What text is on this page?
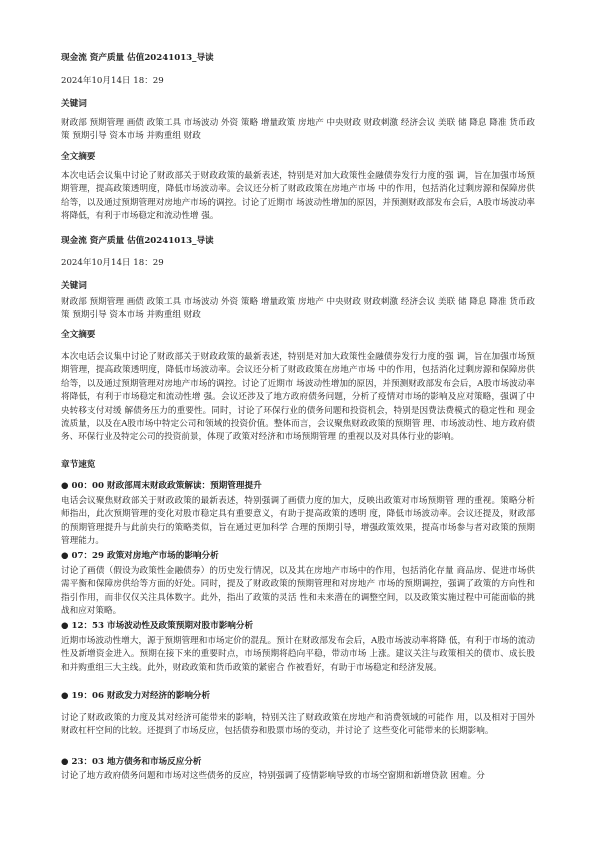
现金流 资产质量 估值20241013_导读
2024年10月14日 18：29
关键词
财政部 预期管理 画债 政策工具 市场波动 外资 策略 增量政策 房地产 中央财政 财政刺激 经济会议 美联 储 降息 降准 货币政策 预期引导 资本市场 并购重组 财政
全文摘要
本次电话会议集中讨论了财政部关于财政政策的最新表述，特别是对加大政策性金融债券发行力度的强 调，旨在加强市场预期管理，提高政策透明度，降低市场波动率。会议还分析了财政政策在房地产市场 中的作用，包括消化过剩房源和保障房供给等，以及通过预期管理对房地产市场的调控。讨论了近期市 场波动性增加的原因，并预测财政部发布会后，A股市场波动率将降低，有利于市场稳定和流动性增 强。
现金流 资产质量 估值20241013_导读
2024年10月14日 18：29
关键词
财政部 预期管理 画债 政策工具 市场波动 外资 策略 增量政策 房地产 中央财政 财政刺激 经济会议 美联 储 降息 降准 货币政策 预期引导 资本市场 并购重组 财政
全文摘要
本次电话会议集中讨论了财政部关于财政政策的最新表述，特别是对加大政策性金融债券发行力度的强 调，旨在加强市场预期管理，提高政策透明度，降低市场波动率。会议还分析了财政政策在房地产市场 中的作用，包括消化过剩房源和保障房供给等，以及通过预期管理对房地产市场的调控。讨论了近期市 场波动性增加的原因，并预测财政部发布会后，A股市场波动率将降低，有利于市场稳定和流动性增 强。会议还涉及了地方政府债务问题，分析了疫情对市场的影响及应对策略，强调了中央转移支付对缓 解债务压力的重要性。同时，讨论了环保行业的债务问题和投资机会，特别是因费法费模式的稳定性和 现金流质量，以及在A股市场中特定公司和领域的投资价值。整体而言，会议聚焦财政政策的预期管 理、市场波动性、地方政府债务、环保行业及特定公司的投资前景，体现了政策对经济和市场预期管理 的重视以及对具体行业的影响。
章节速览
● 00：00 财政部周末财政政策解读：预期管理提升
电话会议聚焦财政部关于财政政策的最新表述，特别强调了画债力度的加大，反映出政策对市场预期管 理的重视。策略分析师指出，此次预期管理的变化对股市稳定具有重要意义，有助于提高政策的透明 度，降低市场波动率。会议还提及，财政部的预期管理提升与此前央行的策略类似，旨在通过更加科学 合理的预期引导，增强政策效果，提高市场参与者对政策的预期管理能力。
● 07：29 政策对房地产市场的影响分析
讨论了画债（假设为政策性金融债券）的历史发行情况，以及其在房地产市场中的作用，包括消化存量 商品房、促进市场供需平衡和保障房供给等方面的好处。同时，提及了财政政策的预期管理和对房地产 市场的预期调控，强调了政策的方向性和指引作用，而非仅仅关注具体数字。此外，指出了政策的灵活 性和未来潜在的调整空间，以及政策实施过程中可能面临的挑战和应对策略。
● 12：53 市场波动性及政策预期对股市影响分析
近期市场波动性增大，源于预期管理和市场定价的混乱。预计在财政部发布会后，A股市场波动率将降 低，有利于市场的流动性及新增资金进入。预期在接下来的重要时点，市场预期将趋向平稳，带动市场 上涨。建议关注与政策相关的债市、成长股和并购重组三大主线。此外，财政政策和货币政策的紧密合 作被看好，有助于市场稳定和经济发展。
● 19：06 财政发力对经济的影响分析
讨论了财政政策的力度及其对经济可能带来的影响，特别关注了财政政策在房地产和消费领域的可能作 用，以及相对于国外财政杠杆空间的比较。还提到了市场反应，包括债券和股票市场的变动，并讨论了 这些变化可能带来的长期影响。
● 23：03 地方债务和市场反应分析
讨论了地方政府债务问题和市场对这些债务的反应，特别强调了疫情影响导致的市场空窗期和新增贷款 困难。分
